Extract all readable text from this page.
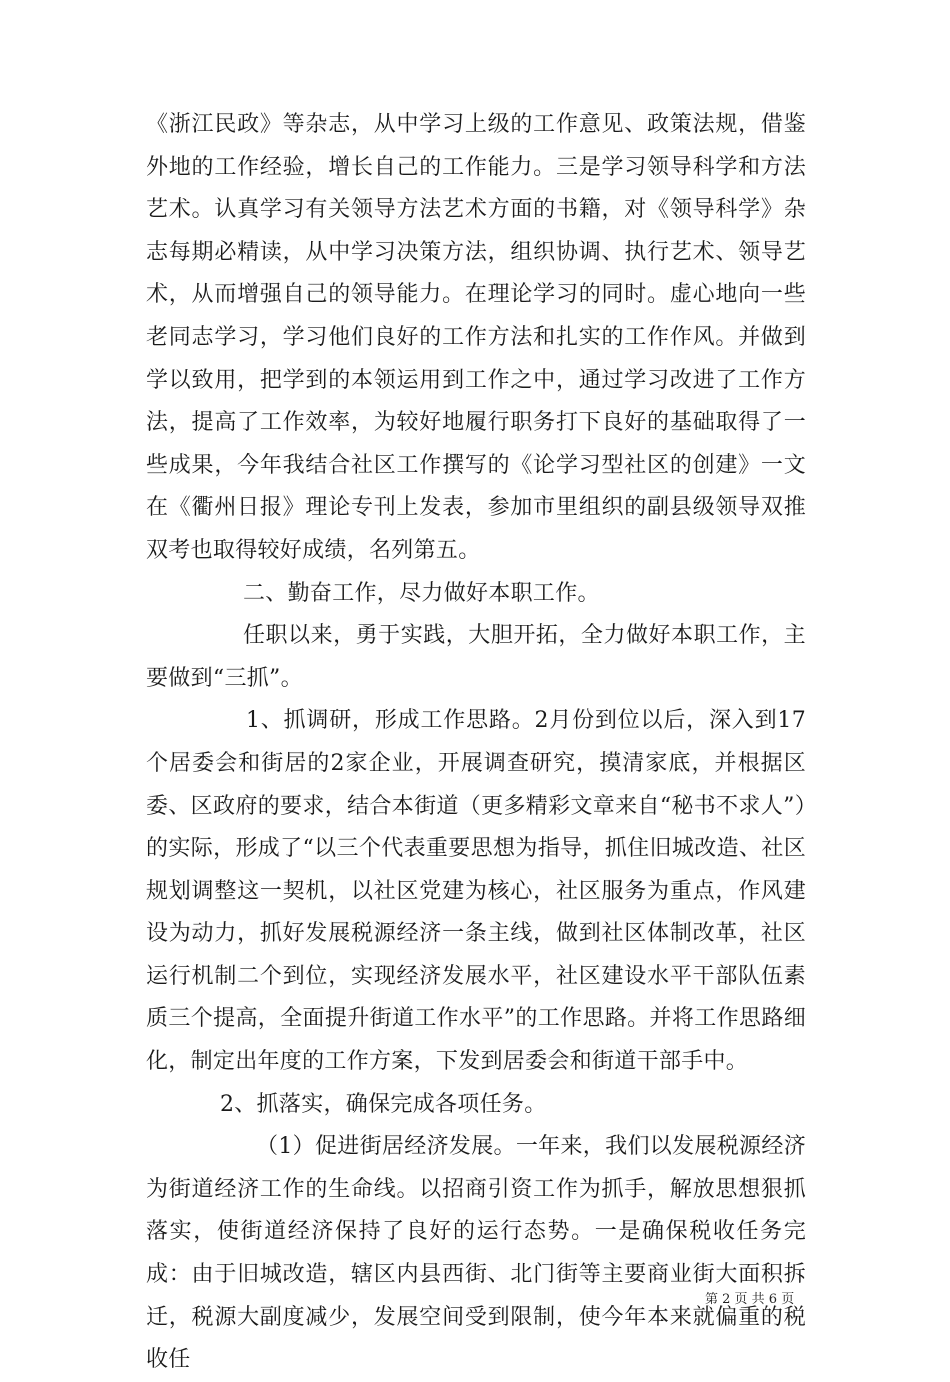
《浙江民政》等杂志，从中学习上级的工作意见、政策法规，借鉴外地的工作经验，增长自己的工作能力。三是学习领导科学和方法艺术。认真学习有关领导方法艺术方面的书籍，对《领导科学》杂志每期必精读，从中学习决策方法，组织协调、执行艺术、领导艺术，从而增强自己的领导能力。在理论学习的同时。虚心地向一些老同志学习，学习他们良好的工作方法和扎实的工作作风。并做到学以致用，把学到的本领运用到工作之中，通过学习改进了工作方法，提高了工作效率，为较好地履行职务打下良好的基础取得了一些成果，今年我结合社区工作撰写的《论学习型社区的创建》一文在《衢州日报》理论专刊上发表，参加市里组织的副县级领导双推双考也取得较好成绩，名列第五。

二、勤奋工作，尽力做好本职工作。

任职以来，勇于实践，大胆开拓，全力做好本职工作，主要做到“三抓”。

1、抓调研，形成工作思路。2月份到位以后，深入到17个居委会和街居的2家企业，开展调查研究，摸清家底，并根据区委、区政府的要求，结合本街道（更多精彩文章来自“秘书不求人”）的实际，形成了“以三个代表重要思想为指导，抓住旧城改造、社区规划调整这一契机，以社区党建为核心，社区服务为重点，作风建设为动力，抓好发展税源经济一条主线，做到社区体制改革，社区运行机制二个到位，实现经济发展水平，社区建设水平干部队伍素质三个提高，全面提升街道工作水平”的工作思路。并将工作思路细化，制定出年度的工作方案，下发到居委会和街道干部手中。

2、抓落实，确保完成各项任务。

（1）促进街居经济发展。一年来，我们以发展税源经济为街道经济工作的生命线。以招商引资工作为抓手，解放思想狠抓落实，使街道经济保持了良好的运行态势。一是确保税收任务完成：由于旧城改造，辖区内县西街、北门街等主要商业街大面积拆迁，税源大副度减少，发展空间受到限制，使今年本来就偏重的税收任

第 2 页 共 6 页
